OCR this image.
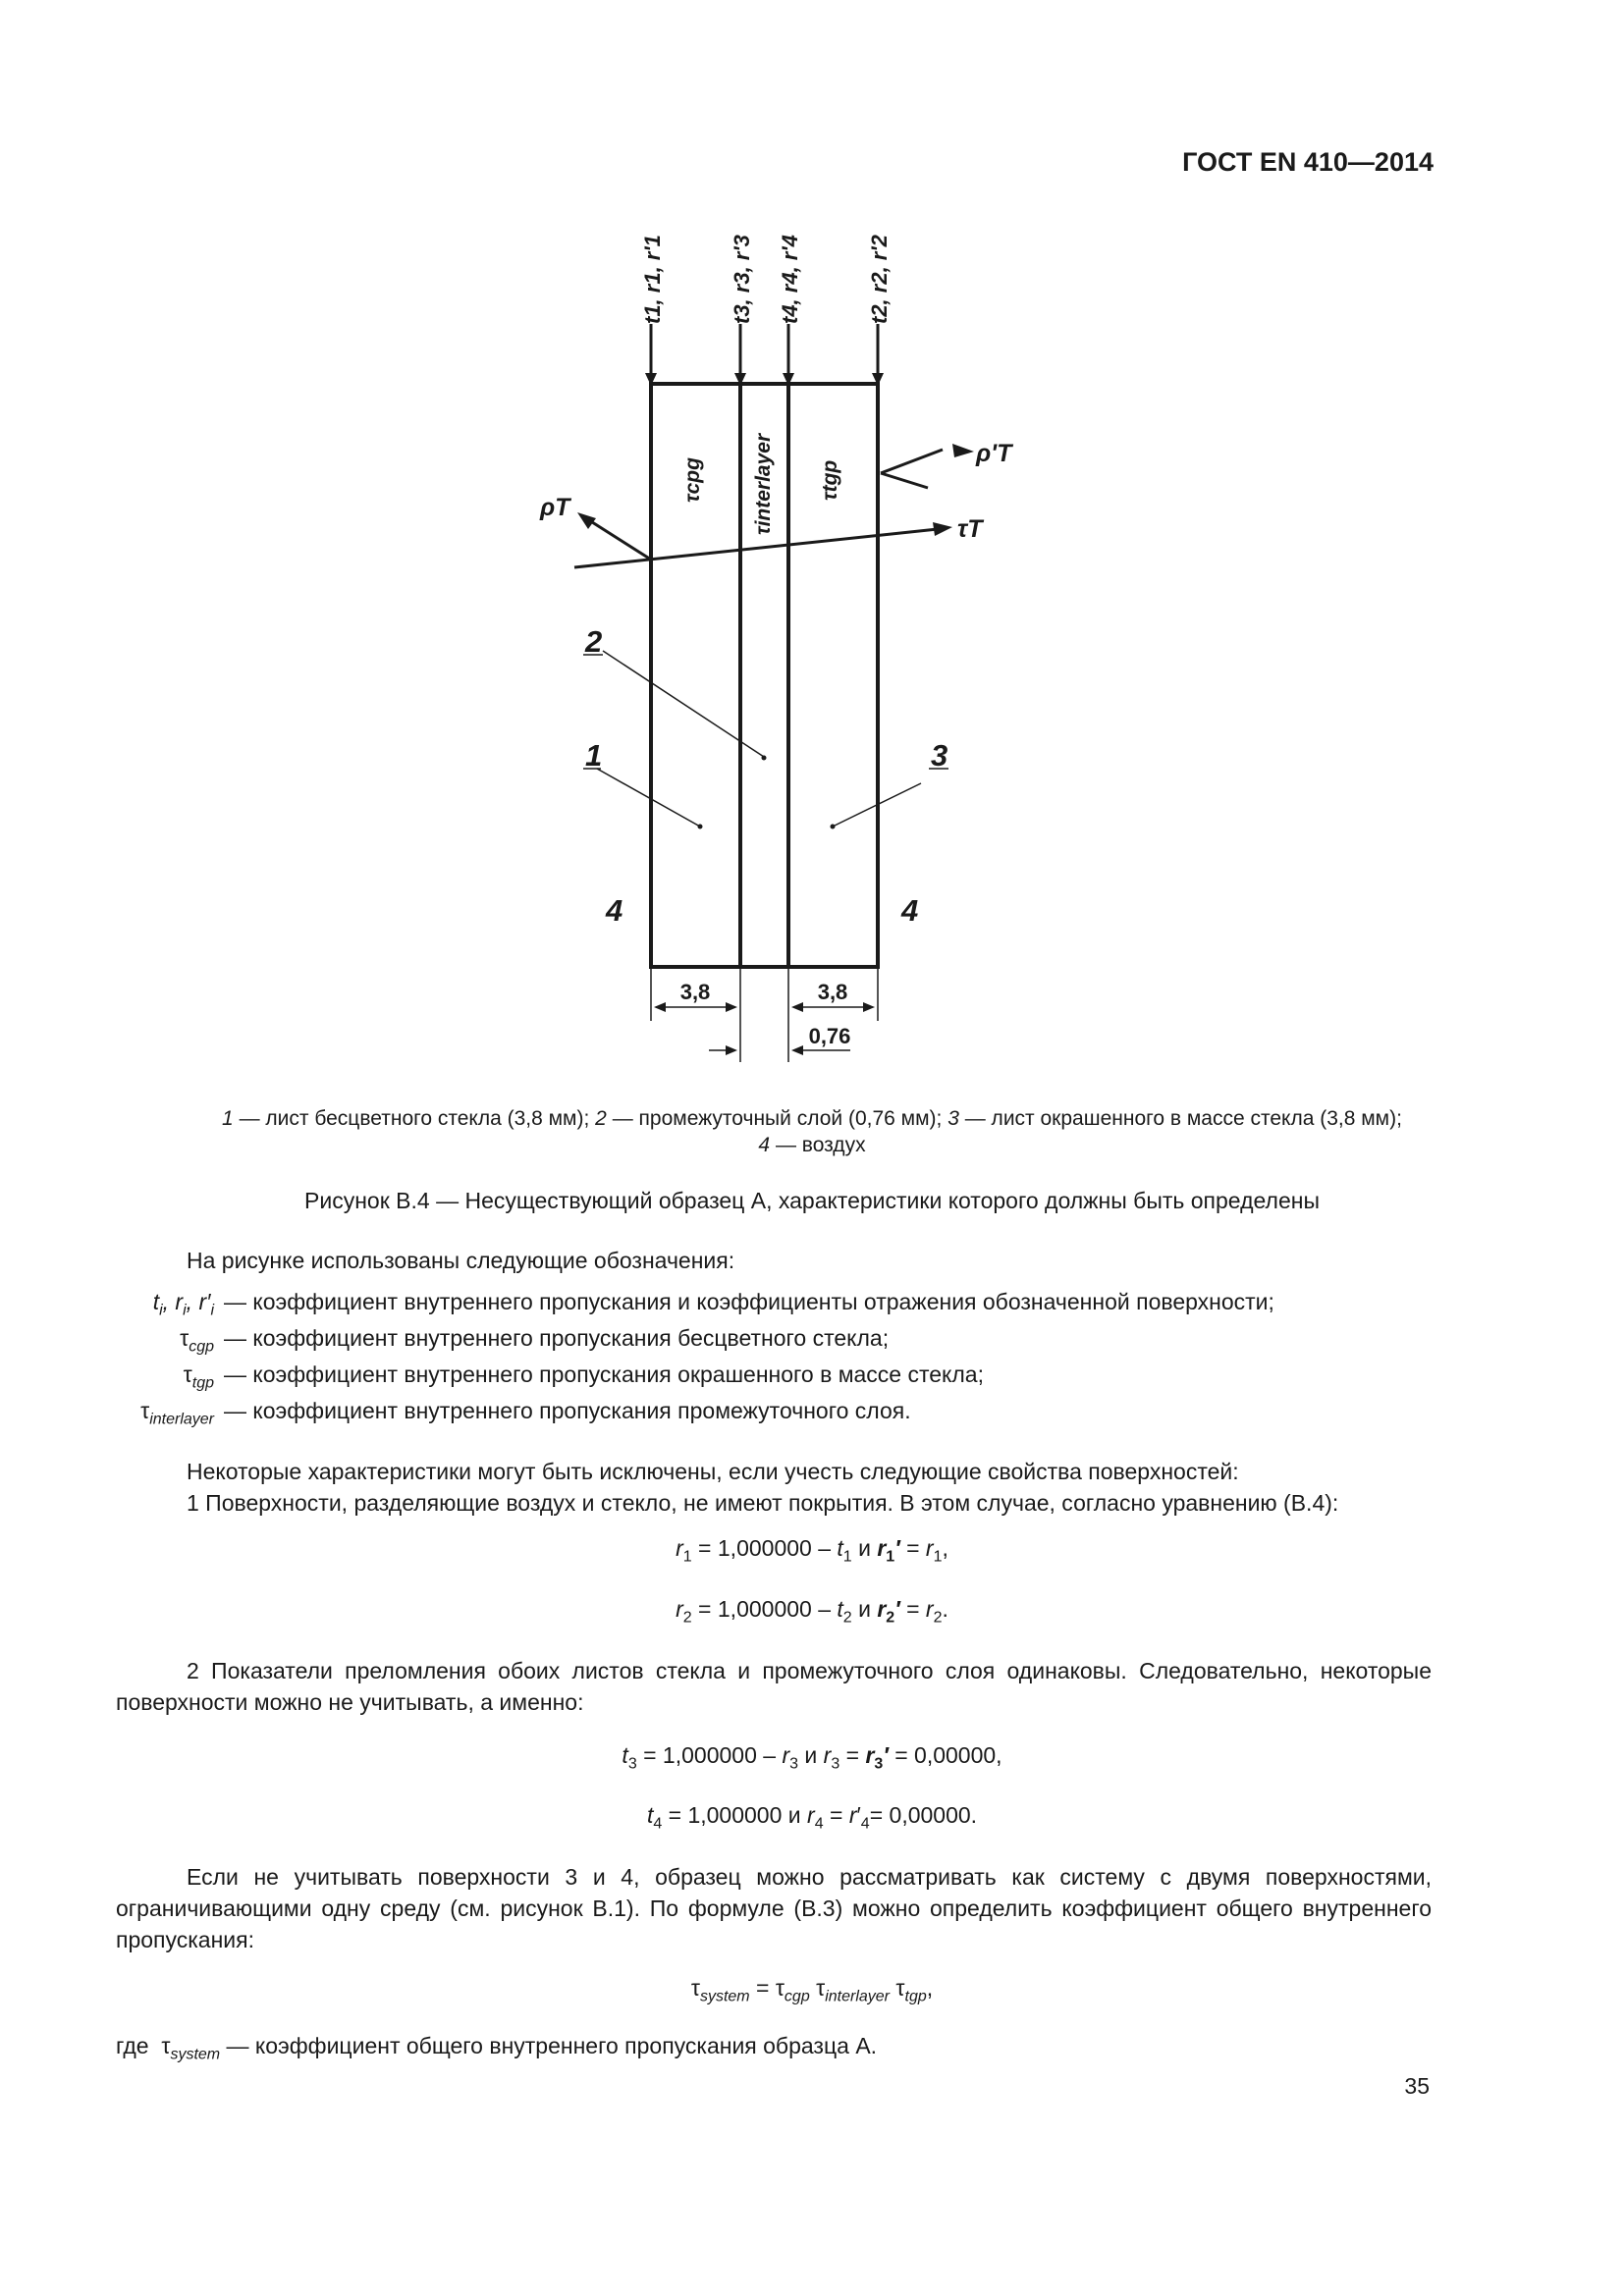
ГОСТ EN 410—2014
t1, r1, r'1	t3, r3, r'3 t4, r4, r'4	t2, r2, r'2
τcpg τinterlayer τtgp
ρT
ρ'T
τT
2
1	3
4	4
3,8	3,8
0,76
1 — лист бесцветного стекла (3,8 мм); 2 — промежуточный слой (0,76 мм); 3 — лист окрашенного в массе стекла (3,8 мм);
4 — воздух
Рисунок В.4 — Несуществующий образец А, характеристики которого должны быть определены
На рисунке использованы следующие обозначения:
$t_i$, $r_i$, $r'_i$ — коэффициент внутреннего пропускания и коэффициенты отражения обозначенной поверхности;
$\tau_{cgp}$ — коэффициент внутреннего пропускания бесцветного стекла;
$\tau_{tgp}$ — коэффициент внутреннего пропускания окрашенного в массе стекла;
$\tau_{interlayer}$ — коэффициент внутреннего пропускания промежуточного слоя.
Некоторые характеристики могут быть исключены, если учесть следующие свойства поверхностей:
1 Поверхности, разделяющие воздух и стекло, не имеют покрытия. В этом случае, согласно уравнению (В.4):
$r_1 = 1,000000 - t_1$ и $r_1' = r_1$,
$r_2 = 1,000000 - t_2$ и $r_2' = r_2$.
2 Показатели преломления обоих листов стекла и промежуточного слоя одинаковы. Следовательно, некоторые поверхности можно не учитывать, а именно:
$t_3 = 1,000000 - r_3$ и $r_3 = r_3' = 0,00000$,
$t_4 = 1,000000$ и $r_4 = r'_4= 0,00000$.
Если не учитывать поверхности 3 и 4, образец можно рассматривать как систему с двумя поверхностями, ограничивающими одну среду (см. рисунок В.1). По формуле (В.3) можно определить коэффициент общего внутреннего пропускания:
$\tau_{system} = \tau_{cgp}$ $\tau_{interlayer}$ $\tau_{tgp}$,
где  $\tau_{system}$ — коэффициент общего внутреннего пропускания образца А.
35
